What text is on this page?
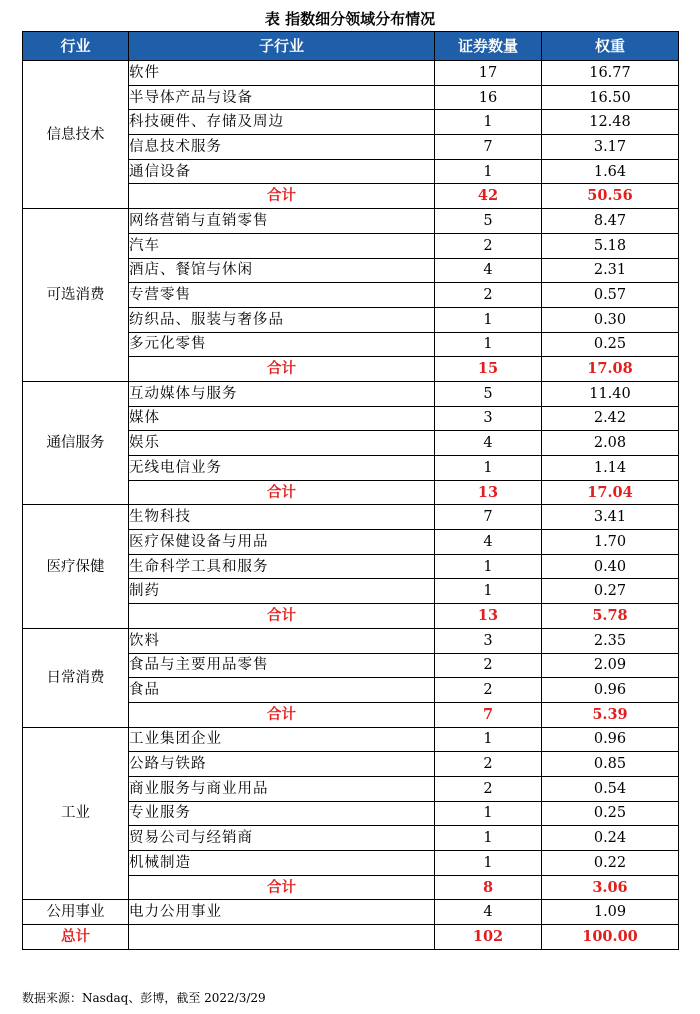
表 指数细分领域分布情况
行业	子行业	证券数量	权重
信息技术	软件	17	16.77
	半导体产品与设备	16	16.50
	科技硬件、存储及周边	1	12.48
	信息技术服务	7	3.17
	通信设备	1	1.64
	合计	42	50.56
可选消费	网络营销与直销零售	5	8.47
	汽车	2	5.18
	酒店、餐馆与休闲	4	2.31
	专营零售	2	0.57
	纺织品、服装与奢侈品	1	0.30
	多元化零售	1	0.25
	合计	15	17.08
通信服务	互动媒体与服务	5	11.40
	媒体	3	2.42
	娱乐	4	2.08
	无线电信业务	1	1.14
	合计	13	17.04
医疗保健	生物科技	7	3.41
	医疗保健设备与用品	4	1.70
	生命科学工具和服务	1	0.40
	制药	1	0.27
	合计	13	5.78
日常消费	饮料	3	2.35
	食品与主要用品零售	2	2.09
	食品	2	0.96
	合计	7	5.39
工业	工业集团企业	1	0.96
	公路与铁路	2	0.85
	商业服务与商业用品	2	0.54
	专业服务	1	0.25
	贸易公司与经销商	1	0.24
	机械制造	1	0.22
	合计	8	3.06
公用事业	电力公用事业	4	1.09
总计		102	100.00
数据来源：Nasdaq、彭博，截至 2022/3/29
